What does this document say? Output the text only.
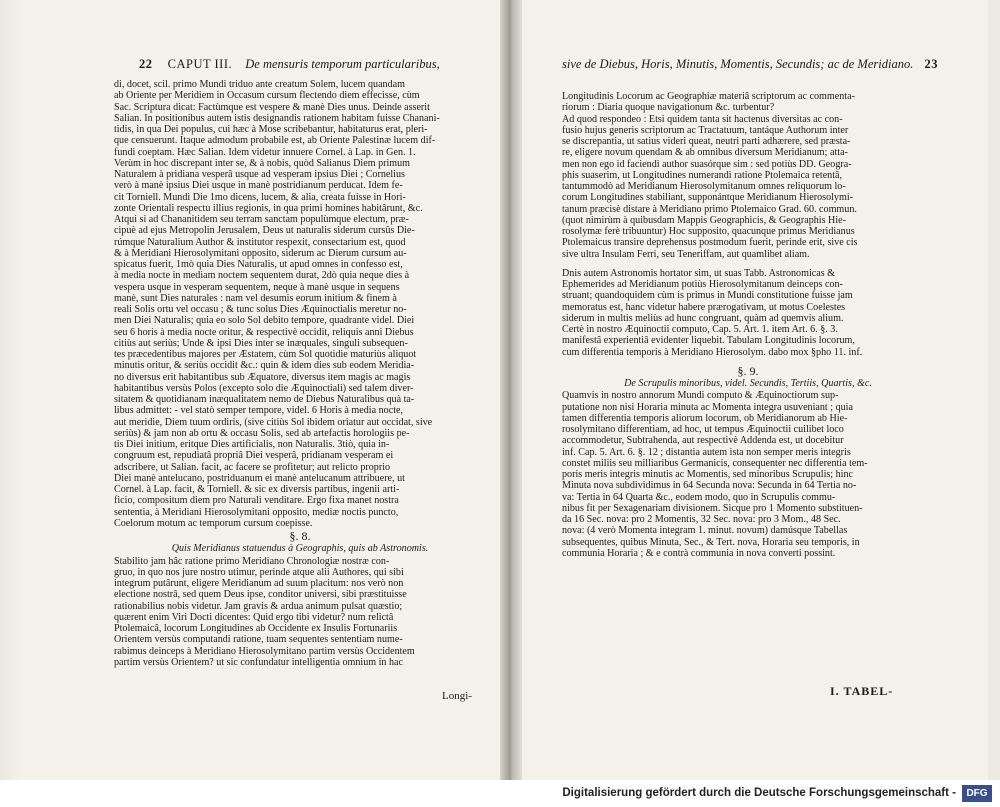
22 CAPUT III. De mensuris temporum particularibus,
di, docet, scil. primo Mundi triduo ante creatum Solem, lucem quandam
ab Oriente per Meridiem in Occasum cursum flectendo diem effecisse, cùm
Sac. Scriptura dicat: Factùmque est vespere & manè Dies unus. Deinde asserit
Salian. In positionibus autem istis designandis rationem habitam fuisse Chanani-
tidis, in qua Dei populus, cui hæc à Mose scribebantur, habitaturus erat, pleri-
que censuerunt. Itaque admodum probabile est, ab Oriente Palestinæ lucem dif-
fundi coeptam. Hæc Salian. Idem videtur innuere Cornel. à Lap. in Gen. 1.
Verùm in hoc discrepant inter se, & à nobis, quòd Salianus Diem primum
Naturalem à pridiana vesperâ usque ad vesperam ipsius Diei ; Cornelius
verò à manè ipsius Diei usque in manè postridianum perducat. Idem fe-
cit Torniell. Mundi Die 1mo dicens, lucem, & alia, creata fuisse in Hori-
zonte Orientali respectu illius regionis, in qua primi homines habitârunt, &c.
Atqui si ad Chananitidem seu terram sanctam populùmque electum, præ-
cipuè ad ejus Metropolin Jerusalem, Deus ut naturalis siderum cursûs Die-
rúmque Naturalium Author & institutor respexit, consectarium est, quod
& à Meridiani Hierosolymitani opposito, siderum ac Dierum cursum au-
spicatus fuerit, 1mò quia Dies Naturalis, ut apud omnes in confesso est,
à media nocte in mediam noctem sequentem durat, 2dò quia neque dies à
vespera usque in vesperam sequentem, neque à manè usque in sequens
manè, sunt Dies naturales : nam vel desumis eorum initium & finem à
reali Solis ortu vel occasu ; & tunc solus Dies Æquinoctialis meretur no-
men Diei Naturalis; quia eo solo Sol debito tempore, quadrante videl. Diei
seu 6 horis à media nocte oritur, & respectivè occidit, reliquis anni Diebus
citiùs aut seriùs; Unde & ipsi Dies inter se inæquales, singuli subsequen-
tes præcedentibus majores per Æstatem, cùm Sol quotidie maturiùs aliquot
minutis oritur, & seriùs occidit &c.: quin & idem dies sub eodem Meridia-
no diversus erit habitantibus sub Æquatore, diversus item magis ac magis
habitantibus versùs Polos (excepto solo die Æquinoctiali) sed talem diver-
sitatem & quotidianam inæqualitatem nemo de Diebus Naturalibus quà ta-
libus admittet: - vel statò semper tempore, videl. 6 Horis à media nocte,
aut meridie, Diem tuum ordiris, (sive citiùs Sol ibidem oriatur aut occidat, sive
seriùs) & jam non ab ortu & occasu Solis, sed ab artefactis horologiis pe-
tis Diei initium, eritque Dies artificialis, non Naturalis. 3tiò, quia in-
congruum est, repudiatâ propriâ Diei vesperâ, pridianam vesperam ei
adscribere, ut Salian. facit, ac facere se profitetur; aut relicto proprio
Diei manè antelucano, postriduanum ei manè antelucanum attribuere, ut
Cornel. à Lap. facit, & Torniell. & sic ex diversis partibus, ingenii arti-
ficio, compositum diem pro Naturali venditare. Ergo fixa manet nostra
sententia, à Meridiani Hierosolymitani opposito, mediæ noctis puncto,
Coelorum motum ac temporum cursum coepisse.
§. 8.
Quis Meridianus statuendus à Geographis, quis ab Astronomis.
Stabilito jam hâc ratione primo Meridiano Chronologiæ nostræ con-
gruo, in quo nos jure nostro utimur, perinde atque alii Authores, qui sibi
integrum putârunt, eligere Meridianum ad suum placitum: nos verò non
electione nostrâ, sed quem Deus ipse, conditor universi, sibi præstituisse
rationabilius nobis videtur. Jam gravis & ardua animum pulsat quæstio;
quærent enim Viri Docti dicentes: Quid ergo tibi videtur? num relictâ
Ptolemaicâ, locorum Longitudines ab Occidente ex Insulis Fortunariis
Orientem versùs computandi ratione, tuam sequentes sententiam nume-
rabimus deinceps à Meridiano Hierosolymitano partim versùs Occidentem
partim versùs Orientem? ut sic confundatur intelligentia omnium in hac
Longi-
sive de Diebus, Horis, Minutis, Momentis, Secundis; ac de Meridiano. 23
Longitudinis Locorum ac Geographiæ materiâ scriptorum ac commenta-
riorum : Diaria quoque navigationum &c. turbentur?
Ad quod respondeo : Etsi quidem tanta sit hactenus diversitas ac con-
fusio hujus generis scriptorum ac Tractatuum, tantáque Authorum inter
se discrepantia, ut satius videri queat, neutri parti adhærere, sed præsta-
re, eligere novum quendam & ab omnibus diversum Meridianum; atta-
men non ego id faciendi author suasórque sim : sed potiùs DD. Geogra-
phis suaserim, ut Longitudines numerandi ratione Ptolemaica retentâ,
tantummodò ad Meridianum Hierosolymitanum omnes reliquorum lo-
corum Longitudines stabiliant, supponántque Meridianum Hierosolymi-
tanum præcisè distare à Meridiano primo Ptolemaico Grad. 60. commun.
(quot nimirùm à quibusdam Mappis Geographicis, & Geographis Hie-
rosolymæ ferè tribuuntur) Hoc supposito, quacunque primus Meridianus
Ptolemaicus transire deprehensus postmodum fuerit, perinde erit, sive cis
sive ultra Insulam Ferri, seu Teneriffam, aut quamlibet aliam.
Dnis autem Astronomis hortator sim, ut suas Tabb. Astronomicas &
Ephemerides ad Meridianum potiùs Hierosolymitanum deinceps con-
struant; quandoquidem cùm is primus in Mundi constitutione fuisse jam
memoratus est, hanc videtur habere prærogativam, ut motus Coelestes
siderum in multis meliùs ad hunc congruant, quàm ad quemvis alium.
Certè in nostro Æquinoctii computo, Cap. 5. Art. 1. item Art. 6. §. 3.
manifestâ experientiâ evidenter liquebit. Tabulam Longitudinis locorum,
cum differentia temporis à Meridiano Hierosolym. dabo mox §pho 11. inf.
§. 9.
De Scrupulis minoribus, videl. Secundis, Tertiis, Quartis, &c.
Quamvis in nostro annorum Mundi computo & Æquinoctiorum sup-
putatione non nisi Horaria minuta ac Momenta integra usuveniant ; quia
tamen differentia temporis aliorum locorum, ob Meridianorum ab Hie-
rosolymitano differentiam, ad hoc, ut tempus Æquinoctii cuilibet loco
accommodetur, Subtrahenda, aut respectivè Addenda est, ut docebitur
inf. Cap. 5. Art. 6. §. 12 ; distantia autem ista non semper meris integris
constet miliis seu milliaribus Germanicis, consequenter nec differentia tem-
poris meris integris minutis ac Momentis, sed minoribus Scrupulis; hinc
Minuta nova subdividimus in 64 Secunda nova: Secunda in 64 Tertia no-
va: Tertia in 64 Quarta &c., eodem modo, quo in Scrupulis commu-
nibus fit per Sexagenariam divisionem. Sicque pro 1 Momento substituen-
da 16 Sec. nova: pro 2 Momentis, 32 Sec. nova: pro 3 Mom., 48 Sec.
nova: (4 verò Momenta integram 1. minut. novum) damúsque Tabellas
subsequentes, quibus Minuta, Sec., & Tert. nova, Horaria seu temporis, in
communia Horaria ; & e contrà communia in nova converti possint.
I. TABEL-
Digitalisierung gefördert durch die Deutsche Forschungsgemeinschaft -	DFG
